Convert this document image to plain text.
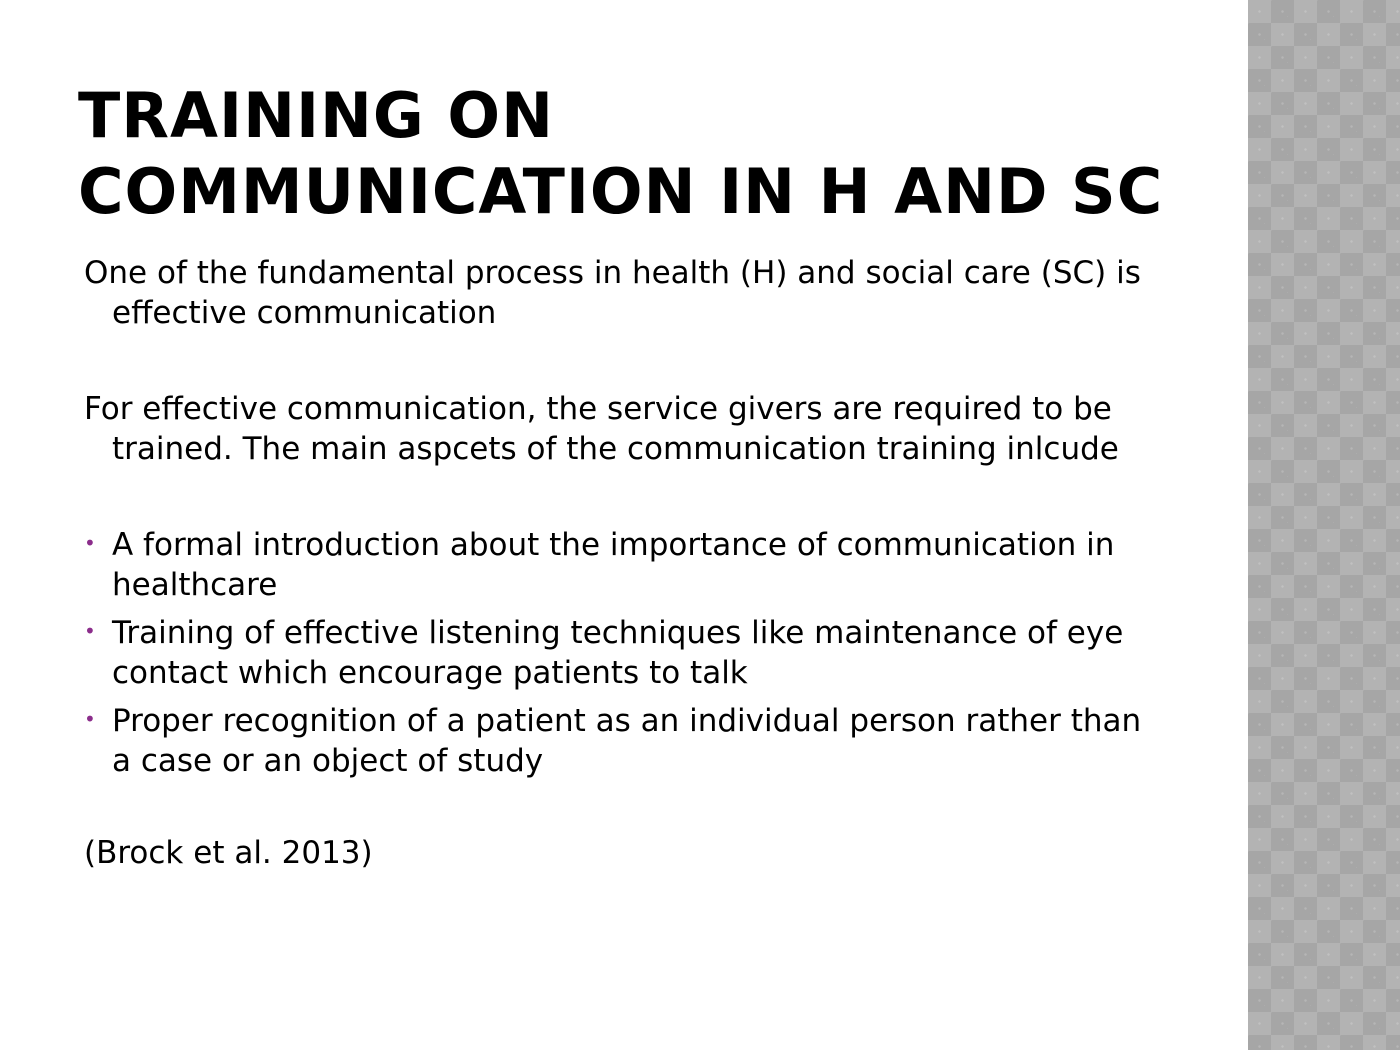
TRAINING ON
COMMUNICATION IN H AND SC

One of the fundamental process in health (H) and social care (SC) is effective communication

For effective communication, the service givers are required to be trained. The main aspcets of the communication training inlcude

• A formal introduction about the importance of communication in healthcare
• Training of effective listening techniques like maintenance of eye contact which encourage patients to talk
• Proper recognition of a patient as an individual person rather than a case or an object of study

(Brock et al. 2013)
